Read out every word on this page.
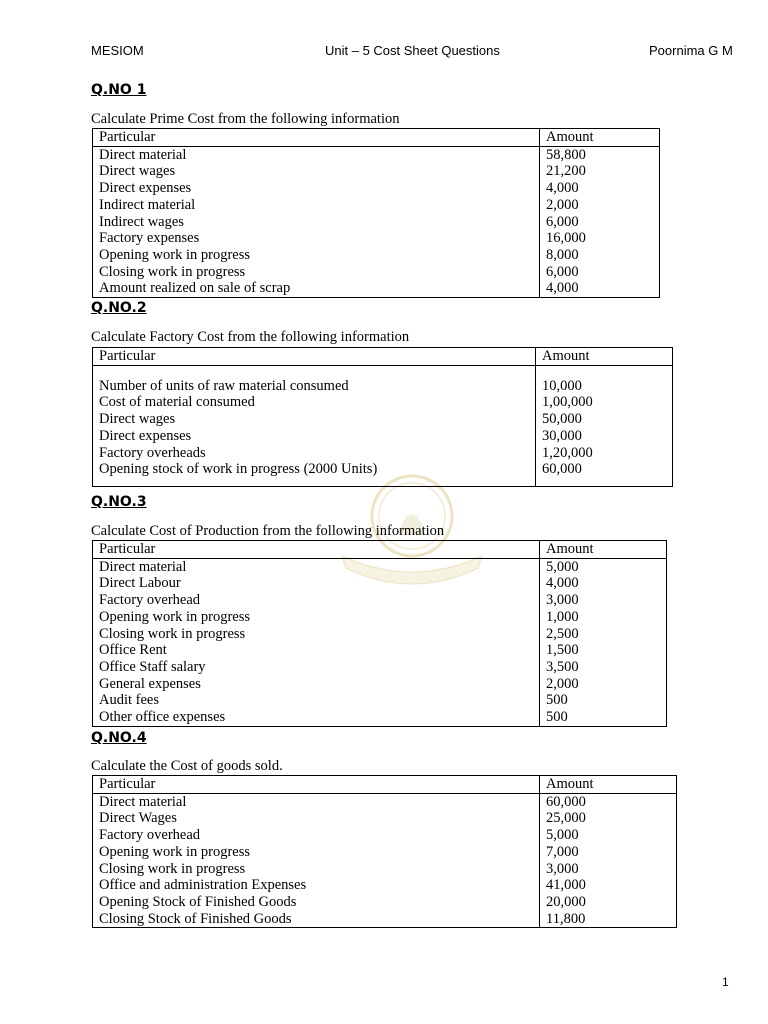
MESIOM	Unit – 5 Cost Sheet Questions	Poornima G M
Q.NO 1
Calculate Prime Cost from the following information
Particular	Amount
Direct material	58,800
Direct wages	21,200
Direct expenses	4,000
Indirect material	2,000
Indirect wages	6,000
Factory expenses	16,000
Opening work in progress	8,000
Closing work in progress	6,000
Amount realized on sale of scrap	4,000
Q.NO.2
Calculate Factory Cost from the following information
Particular	Amount

Number of units of raw material consumed	10,000
Cost of material consumed	1,00,000
Direct wages	50,000
Direct expenses	30,000
Factory overheads	1,20,000
Opening stock of work in progress (2000 Units)	60,000

Q.NO.3
Calculate Cost of Production from the following information
Particular	Amount
Direct material	5,000
Direct Labour	4,000
Factory overhead	3,000
Opening work in progress	1,000
Closing work in progress	2,500
Office Rent	1,500
Office Staff salary	3,500
General expenses	2,000
Audit fees	500
Other office expenses	500
Q.NO.4
Calculate the Cost of goods sold.
Particular	Amount
Direct material	60,000
Direct Wages	25,000
Factory overhead	5,000
Opening work in progress	7,000
Closing work in progress	3,000
Office and administration Expenses	41,000
Opening Stock of Finished Goods	20,000
Closing Stock of Finished Goods	11,800
1
